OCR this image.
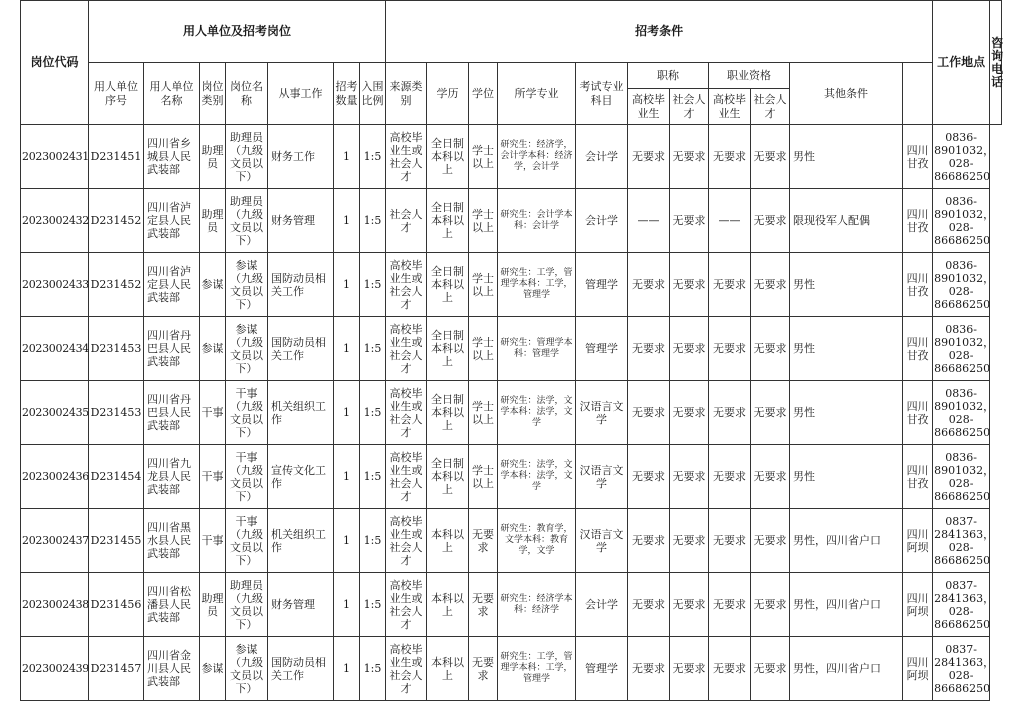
岗位代码	用人单位及招考岗位							招考条件											工作地点	咨询电话
	用人单位序号	用人单位名称	岗位类别	岗位名称	从事工作	招考数量	入围比例	来源类别	学历	学位	所学专业	考试专业科目	职称		职业资格		其他条件			
													高校毕业生	社会人才	高校毕业生	社会人才				
2023002431	D231451	四川省乡城县人民武装部	助理员	助理员（九级文员以下）	财务工作	1	1:5	高校毕业生或社会人才	全日制本科以上	学士以上	研究生：经济学，会计学本科：经济学，会计学	会计学	无要求	无要求	无要求	无要求	男性	四川甘孜	0836-8901032，028-86686250	
2023002432	D231452	四川省泸定县人民武装部	助理员	助理员（九级文员以下）	财务管理	1	1:5	社会人才	全日制本科以上	学士以上	研究生：会计学本科：会计学	会计学	——	无要求	——	无要求	限现役军人配偶	四川甘孜	0836-8901032，028-86686250	
2023002433	D231452	四川省泸定县人民武装部	参谋	参谋（九级文员以下）	国防动员相关工作	1	1:5	高校毕业生或社会人才	全日制本科以上	学士以上	研究生：工学，管理学本科：工学，管理学	管理学	无要求	无要求	无要求	无要求	男性	四川甘孜	0836-8901032，028-86686250	
2023002434	D231453	四川省丹巴县人民武装部	参谋	参谋（九级文员以下）	国防动员相关工作	1	1:5	高校毕业生或社会人才	全日制本科以上	学士以上	研究生：管理学本科：管理学	管理学	无要求	无要求	无要求	无要求	男性	四川甘孜	0836-8901032，028-86686250	
2023002435	D231453	四川省丹巴县人民武装部	干事	干事（九级文员以下）	机关组织工作	1	1:5	高校毕业生或社会人才	全日制本科以上	学士以上	研究生：法学，文学本科：法学，文学	汉语言文学	无要求	无要求	无要求	无要求	男性	四川甘孜	0836-8901032，028-86686250	
2023002436	D231454	四川省九龙县人民武装部	干事	干事（九级文员以下）	宣传文化工作	1	1:5	高校毕业生或社会人才	全日制本科以上	学士以上	研究生：法学，文学本科：法学，文学	汉语言文学	无要求	无要求	无要求	无要求	男性	四川甘孜	0836-8901032，028-86686250	
2023002437	D231455	四川省黑水县人民武装部	干事	干事（九级文员以下）	机关组织工作	1	1:5	高校毕业生或社会人才	本科以上	无要求	研究生：教育学，文学本科：教育学，文学	汉语言文学	无要求	无要求	无要求	无要求	男性，四川省户口	四川阿坝	0837-2841363，028-86686250	
2023002438	D231456	四川省松潘县人民武装部	助理员	助理员（九级文员以下）	财务管理	1	1:5	高校毕业生或社会人才	本科以上	无要求	研究生：经济学本科：经济学	会计学	无要求	无要求	无要求	无要求	男性，四川省户口	四川阿坝	0837-2841363，028-86686250	
2023002439	D231457	四川省金川县人民武装部	参谋	参谋（九级文员以下）	国防动员相关工作	1	1:5	高校毕业生或社会人才	本科以上	无要求	研究生：工学，管理学本科：工学，管理学	管理学	无要求	无要求	无要求	无要求	男性，四川省户口	四川阿坝	0837-2841363，028-86686250	
